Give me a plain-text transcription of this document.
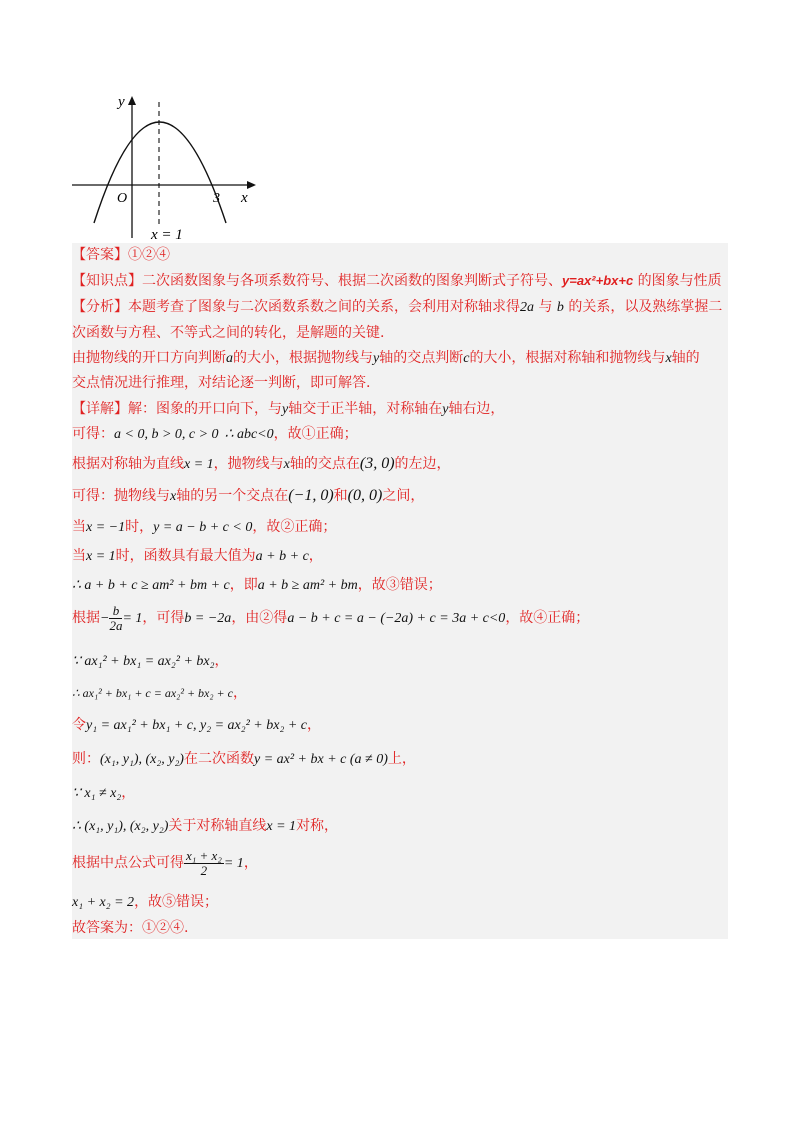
y
x
O	3
x = 1
【答案】①②④
【知识点】二次函数图象与各项系数符号、根据二次函数的图象判断式子符号、y=ax²+bx+c 的图象与性质
【分析】本题考查了图象与二次函数系数之间的关系，会利用对称轴求得2a 与 b 的关系，以及熟练掌握二
次函数与方程、不等式之间的转化，是解题的关键.
由抛物线的开口方向判断a的大小，根据抛物线与y轴的交点判断c的大小，根据对称轴和抛物线与x轴的
交点情况进行推理，对结论逐一判断，即可解答.
【详解】解：图象的开口向下，与y轴交于正半轴，对称轴在y轴右边，
可得：a < 0, b > 0, c > 0 ∴ abc<0，故①正确；
根据对称轴为直线x = 1，抛物线与x轴的交点在(3, 0)的左边，
可得：抛物线与x轴的另一个交点在(−1, 0)和(0, 0)之间，
当x = −1时，y = a − b + c < 0，故②正确；
当x = 1时，函数具有最大值为a + b + c，
∴ a + b + c ≥ am² + bm + c，即a + b ≥ am² + bm，故③错误；
根据− $\frac{b}{2a} = 1$，可得b = −2a，由②得a − b + c = a − (−2a) + c = 3a + c<0，故④正确；
∵ ax₁² + bx₁ = ax₂² + bx₂，
∴ ax₁² + bx₁ + c = ax₂² + bx₂ + c，
令y₁ = ax₁² + bx₁ + c, y₂ = ax₂² + bx₂ + c，
则：(x₁, y₁), (x₂, y₂)在二次函数y = ax² + bx + c (a ≠ 0)上，
∵ x₁ ≠ x₂，
∴ (x₁, y₁), (x₂, y₂)关于对称轴直线x = 1对称，
根据中点公式可得 $\frac{\text{x₁ + x₂}}{2} = 1$，
x₁ + x₂ = 2，故⑤错误；
故答案为：①②④.
